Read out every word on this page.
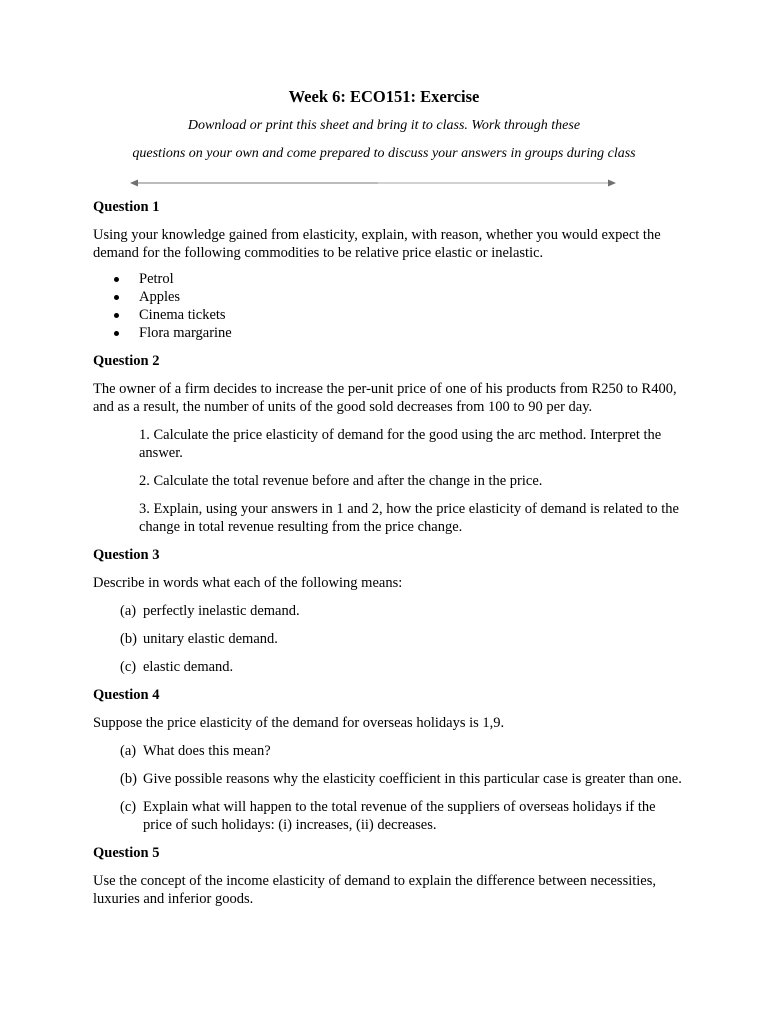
Week 6: ECO151: Exercise
Download or print this sheet and bring it to class. Work through these
questions on your own and come prepared to discuss your answers in groups during class
Question 1
Using your knowledge gained from elasticity, explain, with reason, whether you would expect the demand for the following commodities to be relative price elastic or inelastic.
Petrol
Apples
Cinema tickets
Flora margarine
Question 2
The owner of a firm decides to increase the per-unit price of one of his products from R250 to R400, and as a result, the number of units of the good sold decreases from 100 to 90 per day.
1. Calculate the price elasticity of demand for the good using the arc method. Interpret the answer.
2. Calculate the total revenue before and after the change in the price.
3. Explain, using your answers in 1 and 2, how the price elasticity of demand is related to the change in total revenue resulting from the price change.
Question 3
Describe in words what each of the following means:
(a) perfectly inelastic demand.
(b) unitary elastic demand.
(c) elastic demand.
Question 4
Suppose the price elasticity of the demand for overseas holidays is 1,9.
(a) What does this mean?
(b) Give possible reasons why the elasticity coefficient in this particular case is greater than one.
(c) Explain what will happen to the total revenue of the suppliers of overseas holidays if the price of such holidays: (i) increases, (ii) decreases.
Question 5
Use the concept of the income elasticity of demand to explain the difference between necessities, luxuries and inferior goods.
